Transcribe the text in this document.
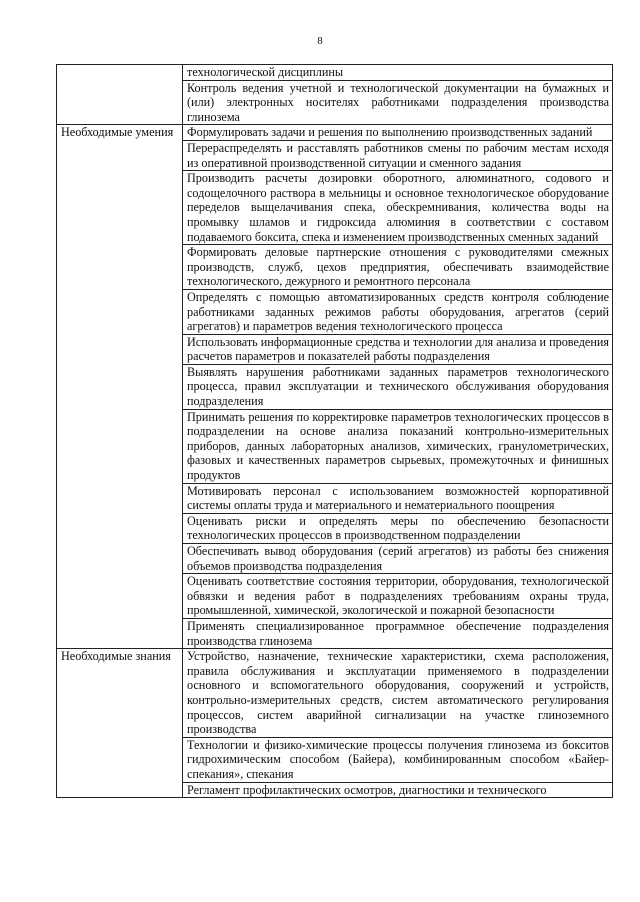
8
	технологической дисциплины
	Контроль ведения учетной и технологической документации на бумажных и (или) электронных носителях работниками подразделения производства глинозема
Необходимые умения	Формулировать задачи и решения по выполнению производственных заданий
	Перераспределять и расставлять работников смены по рабочим местам исходя из оперативной производственной ситуации и сменного задания
	Производить расчеты дозировки оборотного, алюминатного, содового и содощелочного раствора в мельницы и основное технологическое оборудование переделов выщелачивания спека, обескремнивания, количества воды на промывку шламов и гидроксида алюминия в соответствии с составом подаваемого боксита, спека и изменением производственных сменных заданий
	Формировать деловые партнерские отношения с руководителями смежных производств, служб, цехов предприятия, обеспечивать взаимодействие технологического, дежурного и ремонтного персонала
	Определять с помощью автоматизированных средств контроля соблюдение работниками заданных режимов работы оборудования, агрегатов (серий агрегатов) и параметров ведения технологического процесса
	Использовать информационные средства и технологии для анализа и проведения расчетов параметров и показателей работы подразделения
	Выявлять нарушения работниками заданных параметров технологического процесса, правил эксплуатации и технического обслуживания оборудования подразделения
	Принимать решения по корректировке параметров технологических процессов в подразделении на основе анализа показаний контрольно-измерительных приборов, данных лабораторных анализов, химических, гранулометрических, фазовых и качественных параметров сырьевых, промежуточных и финишных продуктов
	Мотивировать персонал с использованием возможностей корпоративной системы оплаты труда и материального и нематериального поощрения
	Оценивать риски и определять меры по обеспечению безопасности технологических процессов в производственном подразделении
	Обеспечивать вывод оборудования (серий агрегатов) из работы без снижения объемов производства подразделения
	Оценивать соответствие состояния территории, оборудования, технологической обвязки и ведения работ в подразделениях требованиям охраны труда, промышленной, химической, экологической и пожарной безопасности
	Применять специализированное программное обеспечение подразделения производства глинозема
Необходимые знания	Устройство, назначение, технические характеристики, схема расположения, правила обслуживания и эксплуатации применяемого в подразделении основного и вспомогательного оборудования, сооружений и устройств, контрольно-измерительных средств, систем автоматического регулирования процессов, систем аварийной сигнализации на участке глиноземного производства
	Технологии и физико-химические процессы получения глинозема из бокситов гидрохимическим способом (Байера), комбинированным способом «Байер-спекания», спекания
	Регламент профилактических осмотров, диагностики и технического
